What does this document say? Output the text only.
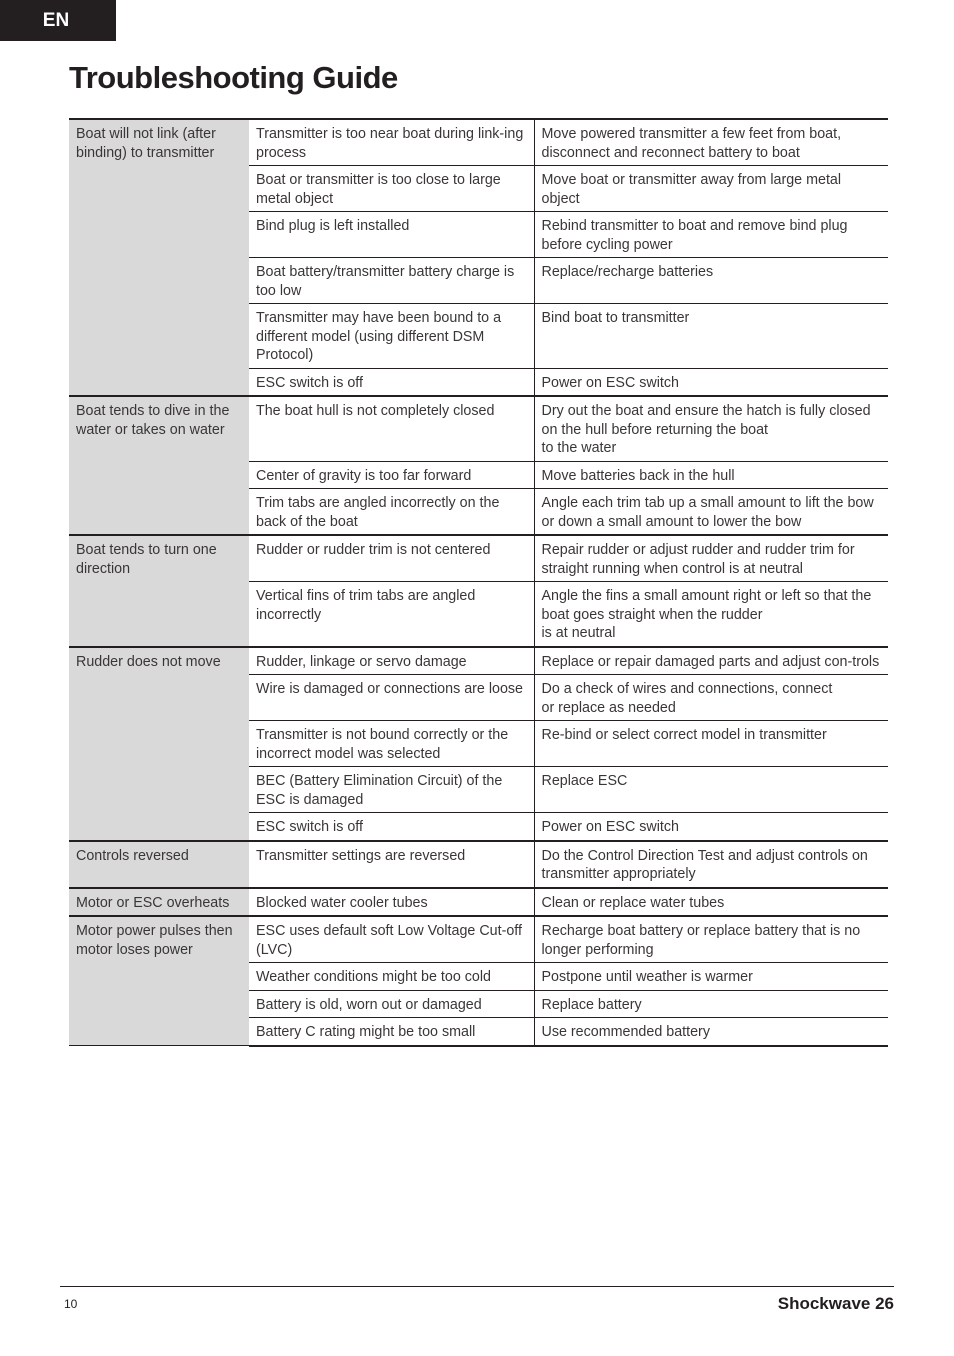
EN
Troubleshooting Guide
Boat will not link (after binding) to transmitter	Transmitter is too near boat during link-ing process	Move powered transmitter a few feet from boat, disconnect and reconnect battery to boat
	Boat or transmitter is too close to large metal object	Move boat or transmitter away from large metal object
	Bind plug is left installed	Rebind transmitter to boat and remove bind plug before cycling power
	Boat battery/transmitter battery charge is too low	Replace/recharge batteries
	Transmitter may have been bound to a different model (using different DSM Protocol)	Bind boat to transmitter
	ESC switch is off	Power on ESC switch
Boat tends to dive in the water or takes on water	The boat hull is not completely closed	Dry out the boat and ensure the hatch is fully closed on the hull before returning the boat
to the water
	Center of gravity is too far forward	Move batteries back in the hull
	Trim tabs are angled incorrectly on the back of the boat	Angle each trim tab up a small amount to lift the bow or down a small amount to lower the bow
Boat tends to turn one direction	Rudder or rudder trim is not centered	Repair rudder or adjust rudder and rudder trim for straight running when control is at neutral
	Vertical fins of trim tabs are angled incorrectly	Angle the fins a small amount right or left so that the boat goes straight when the rudder
is at neutral
Rudder does not move	Rudder, linkage or servo damage	Replace or repair damaged parts and adjust con-trols
	Wire is damaged or connections are loose	Do a check of wires and connections, connect
or replace as needed
	Transmitter is not bound correctly or the incorrect model was selected	Re-bind or select correct model in transmitter
	BEC (Battery Elimination Circuit) of the ESC is damaged	Replace ESC
	ESC switch is off	Power on ESC switch
Controls reversed	Transmitter settings are reversed	Do the Control Direction Test and adjust controls on transmitter appropriately
Motor or ESC overheats	Blocked water cooler tubes	Clean or replace water tubes
Motor power pulses then motor loses power	ESC uses default soft Low Voltage Cut-off (LVC)	Recharge boat battery or replace battery that is no longer performing
	Weather conditions might be too cold	Postpone until weather is warmer
	Battery is old, worn out or damaged	Replace battery
	Battery C rating might be too small	Use recommended battery
10	Shockwave 26
